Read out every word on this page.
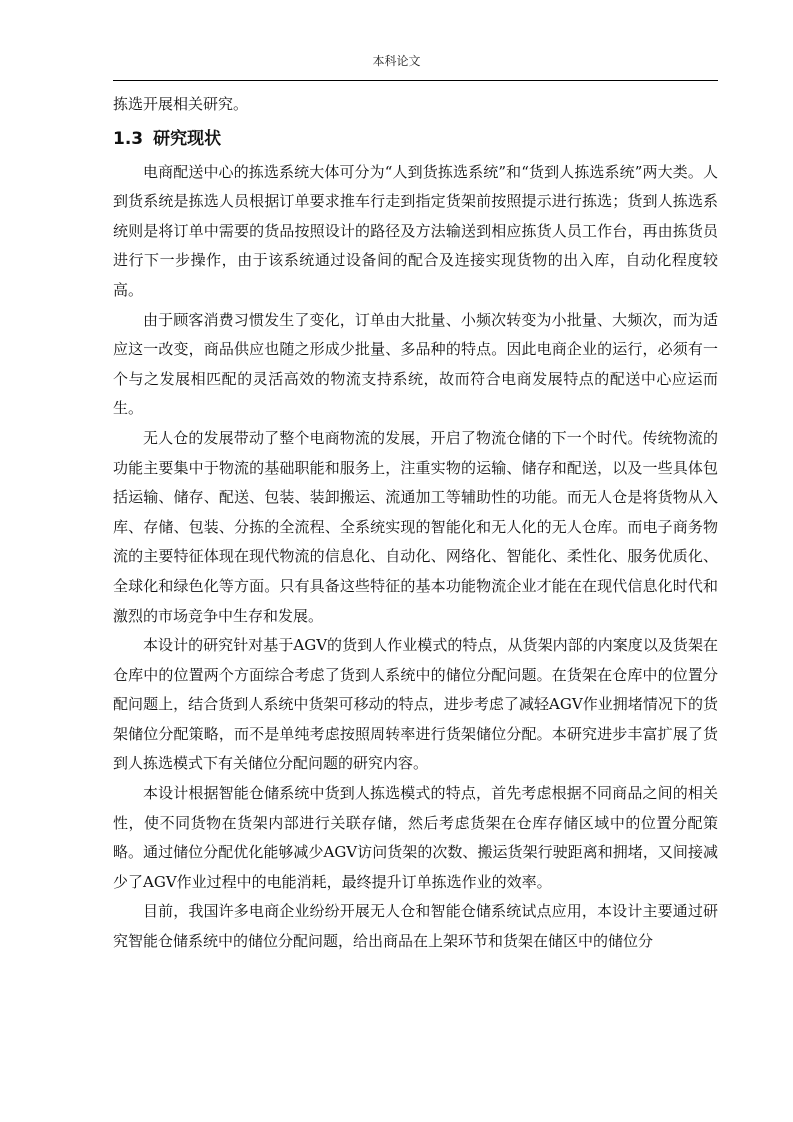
本科论文

拣选开展相关研究。

1.3 研究现状

电商配送中心的拣选系统大体可分为“人到货拣选系统”和“货到人拣选系统”两大类。人到货系统是拣选人员根据订单要求推车行走到指定货架前按照提示进行拣选；货到人拣选系统则是将订单中需要的货品按照设计的路径及方法输送到相应拣货人员工作台，再由拣货员进行下一步操作，由于该系统通过设备间的配合及连接实现货物的出入库，自动化程度较高。

由于顾客消费习惯发生了变化，订单由大批量、小频次转变为小批量、大频次，而为适应这一改变，商品供应也随之形成少批量、多品种的特点。因此电商企业的运行，必须有一个与之发展相匹配的灵活高效的物流支持系统，故而符合电商发展特点的配送中心应运而生。

无人仓的发展带动了整个电商物流的发展，开启了物流仓储的下一个时代。传统物流的功能主要集中于物流的基础职能和服务上，注重实物的运输、储存和配送，以及一些具体包括运输、储存、配送、包装、装卸搬运、流通加工等辅助性的功能。而无人仓是将货物从入库、存储、包装、分拣的全流程、全系统实现的智能化和无人化的无人仓库。而电子商务物流的主要特征体现在现代物流的信息化、自动化、网络化、智能化、柔性化、服务优质化、全球化和绿色化等方面。只有具备这些特征的基本功能物流企业才能在在现代信息化时代和激烈的市场竞争中生存和发展。

本设计的研究针对基于AGV的货到人作业模式的特点，从货架内部的内案度以及货架在仓库中的位置两个方面综合考虑了货到人系统中的储位分配问题。在货架在仓库中的位置分配问题上，结合货到人系统中货架可移动的特点，进步考虑了减轻AGV作业拥堵情况下的货架储位分配策略，而不是单纯考虑按照周转率进行货架储位分配。本研究进步丰富扩展了货到人拣选模式下有关储位分配问题的研究内容。

本设计根据智能仓储系统中货到人拣选模式的特点，首先考虑根据不同商品之间的相关性，使不同货物在货架内部进行关联存储，然后考虑货架在仓库存储区域中的位置分配策略。通过储位分配优化能够减少AGV访问货架的次数、搬运货架行驶距离和拥堵，又间接减少了AGV作业过程中的电能消耗，最终提升订单拣选作业的效率。

目前，我国许多电商企业纷纷开展无人仓和智能仓储系统试点应用，本设计主要通过研究智能仓储系统中的储位分配问题，给出商品在上架环节和货架在储区中的储位分
